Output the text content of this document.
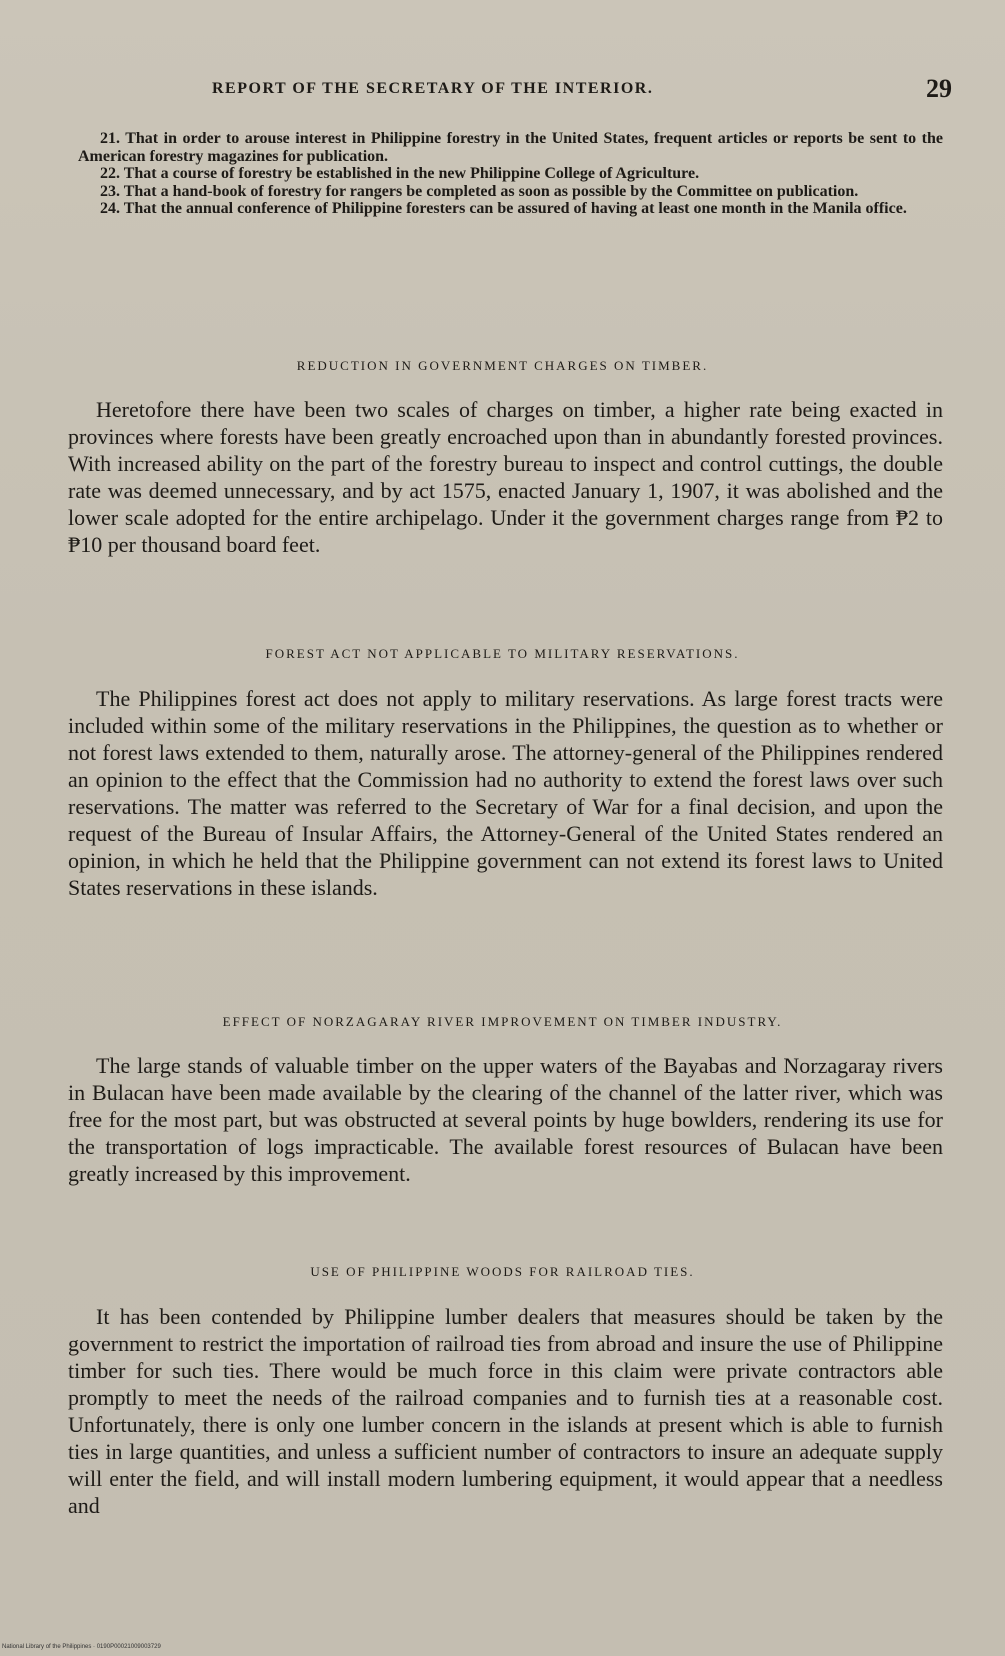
REPORT OF THE SECRETARY OF THE INTERIOR.	29

21. That in order to arouse interest in Philippine forestry in the United States, frequent articles or reports be sent to the American forestry magazines for publication.

22. That a course of forestry be established in the new Philippine College of Agriculture.

23. That a hand-book of forestry for rangers be completed as soon as possible by the Committee on publication.

24. That the annual conference of Philippine foresters can be assured of having at least one month in the Manila office.

REDUCTION IN GOVERNMENT CHARGES ON TIMBER.

Heretofore there have been two scales of charges on timber, a higher rate being exacted in provinces where forests have been greatly encroached upon than in abundantly forested provinces. With increased ability on the part of the forestry bureau to inspect and control cuttings, the double rate was deemed unnecessary, and by act 1575, enacted January 1, 1907, it was abolished and the lower scale adopted for the entire archipelago. Under it the government charges range from ₱2 to ₱10 per thousand board feet.

FOREST ACT NOT APPLICABLE TO MILITARY RESERVATIONS.

The Philippines forest act does not apply to military reservations. As large forest tracts were included within some of the military reservations in the Philippines, the question as to whether or not forest laws extended to them, naturally arose. The attorney-general of the Philippines rendered an opinion to the effect that the Commission had no authority to extend the forest laws over such reservations. The matter was referred to the Secretary of War for a final decision, and upon the request of the Bureau of Insular Affairs, the Attorney-General of the United States rendered an opinion, in which he held that the Philippine government can not extend its forest laws to United States reservations in these islands.

EFFECT OF NORZAGARAY RIVER IMPROVEMENT ON TIMBER INDUSTRY.

The large stands of valuable timber on the upper waters of the Bayabas and Norzagaray rivers in Bulacan have been made available by the clearing of the channel of the latter river, which was free for the most part, but was obstructed at several points by huge bowlders, rendering its use for the transportation of logs impracticable. The available forest resources of Bulacan have been greatly increased by this improvement.

USE OF PHILIPPINE WOODS FOR RAILROAD TIES.

It has been contended by Philippine lumber dealers that measures should be taken by the government to restrict the importation of railroad ties from abroad and insure the use of Philippine timber for such ties. There would be much force in this claim were private contractors able promptly to meet the needs of the railroad companies and to furnish ties at a reasonable cost. Unfortunately, there is only one lumber concern in the islands at present which is able to furnish ties in large quantities, and unless a sufficient number of contractors to insure an adequate supply will enter the field, and will install modern lumbering equipment, it would appear that a needless and

National Library of the Philippines · 0190P00021009003729
